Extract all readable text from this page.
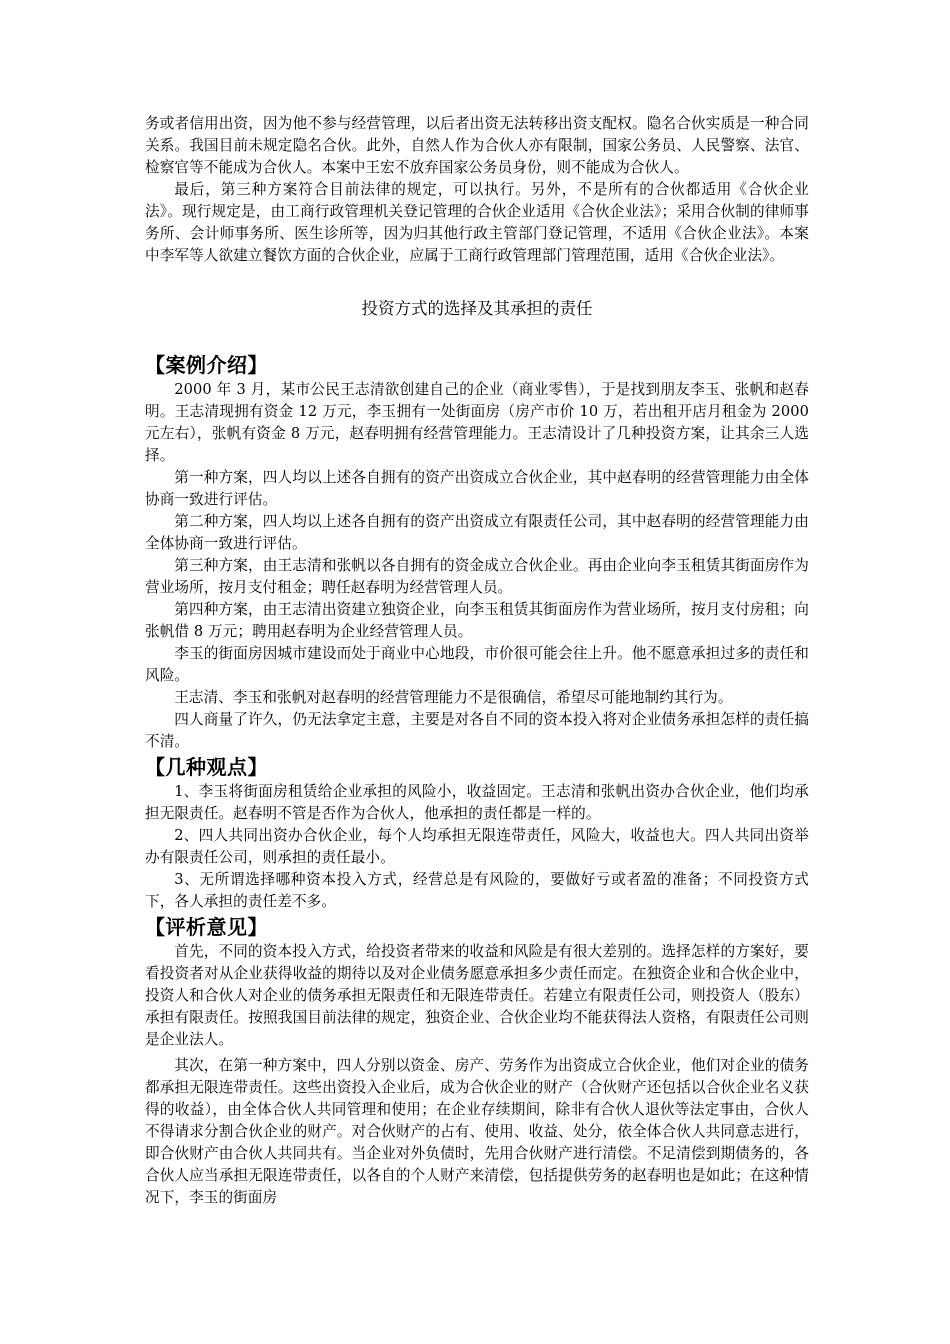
务或者信用出资，因为他不参与经营管理，以后者出资无法转移出资支配权。隐名合伙实质是一种合同关系。我国目前未规定隐名合伙。此外，自然人作为合伙人亦有限制，国家公务员、人民警察、法官、检察官等不能成为合伙人。本案中王宏不放弃国家公务员身份，则不能成为合伙人。

最后，第三种方案符合目前法律的规定，可以执行。另外，不是所有的合伙都适用《合伙企业法》。现行规定是，由工商行政管理机关登记管理的合伙企业适用《合伙企业法》；采用合伙制的律师事务所、会计师事务所、医生诊所等，因为归其他行政主管部门登记管理，不适用《合伙企业法》。本案中李军等人欲建立餐饮方面的合伙企业，应属于工商行政管理部门管理范围，适用《合伙企业法》。

投资方式的选择及其承担的责任
【案例介绍】

2000 年 3 月，某市公民王志清欲创建自己的企业（商业零售），于是找到朋友李玉、张帆和赵春明。王志清现拥有资金 12 万元，李玉拥有一处街面房（房产市价 10 万，若出租开店月租金为 2000 元左右），张帆有资金 8 万元，赵春明拥有经营管理能力。王志清设计了几种投资方案，让其余三人选择。

第一种方案，四人均以上述各自拥有的资产出资成立合伙企业，其中赵春明的经营管理能力由全体协商一致进行评估。

第二种方案，四人均以上述各自拥有的资产出资成立有限责任公司，其中赵春明的经营管理能力由全体协商一致进行评估。

第三种方案，由王志清和张帆以各自拥有的资金成立合伙企业。再由企业向李玉租赁其街面房作为营业场所，按月支付租金；聘任赵春明为经营管理人员。

第四种方案，由王志清出资建立独资企业，向李玉租赁其街面房作为营业场所，按月支付房租；向张帆借 8 万元；聘用赵春明为企业经营管理人员。

李玉的街面房因城市建设而处于商业中心地段，市价很可能会往上升。他不愿意承担过多的责任和风险。

王志清、李玉和张帆对赵春明的经营管理能力不是很确信，希望尽可能地制约其行为。

四人商量了许久，仍无法拿定主意，主要是对各自不同的资本投入将对企业债务承担怎样的责任搞不清。

【几种观点】

1、李玉将街面房租赁给企业承担的风险小，收益固定。王志清和张帆出资办合伙企业，他们均承担无限责任。赵春明不管是否作为合伙人，他承担的责任都是一样的。

2、四人共同出资办合伙企业，每个人均承担无限连带责任，风险大，收益也大。四人共同出资举办有限责任公司，则承担的责任最小。

3、无所谓选择哪种资本投入方式，经营总是有风险的，要做好亏或者盈的准备；不同投资方式下，各人承担的责任差不多。

【评析意见】

首先，不同的资本投入方式，给投资者带来的收益和风险是有很大差别的。选择怎样的方案好，要看投资者对从企业获得收益的期待以及对企业债务愿意承担多少责任而定。在独资企业和合伙企业中，投资人和合伙人对企业的债务承担无限责任和无限连带责任。若建立有限责任公司，则投资人（股东）承担有限责任。按照我国目前法律的规定，独资企业、合伙企业均不能获得法人资格，有限责任公司则是企业法人。

其次，在第一种方案中，四人分别以资金、房产、劳务作为出资成立合伙企业，他们对企业的债务都承担无限连带责任。这些出资投入企业后，成为合伙企业的财产（合伙财产还包括以合伙企业名义获得的收益），由全体合伙人共同管理和使用；在企业存续期间，除非有合伙人退伙等法定事由，合伙人不得请求分割合伙企业的财产。对合伙财产的占有、使用、收益、处分，依全体合伙人共同意志进行，即合伙财产由合伙人共同共有。当企业对外负债时，先用合伙财产进行清偿。不足清偿到期债务的，各合伙人应当承担无限连带责任，以各自的个人财产来清偿，包括提供劳务的赵春明也是如此；在这种情况下，李玉的街面房
